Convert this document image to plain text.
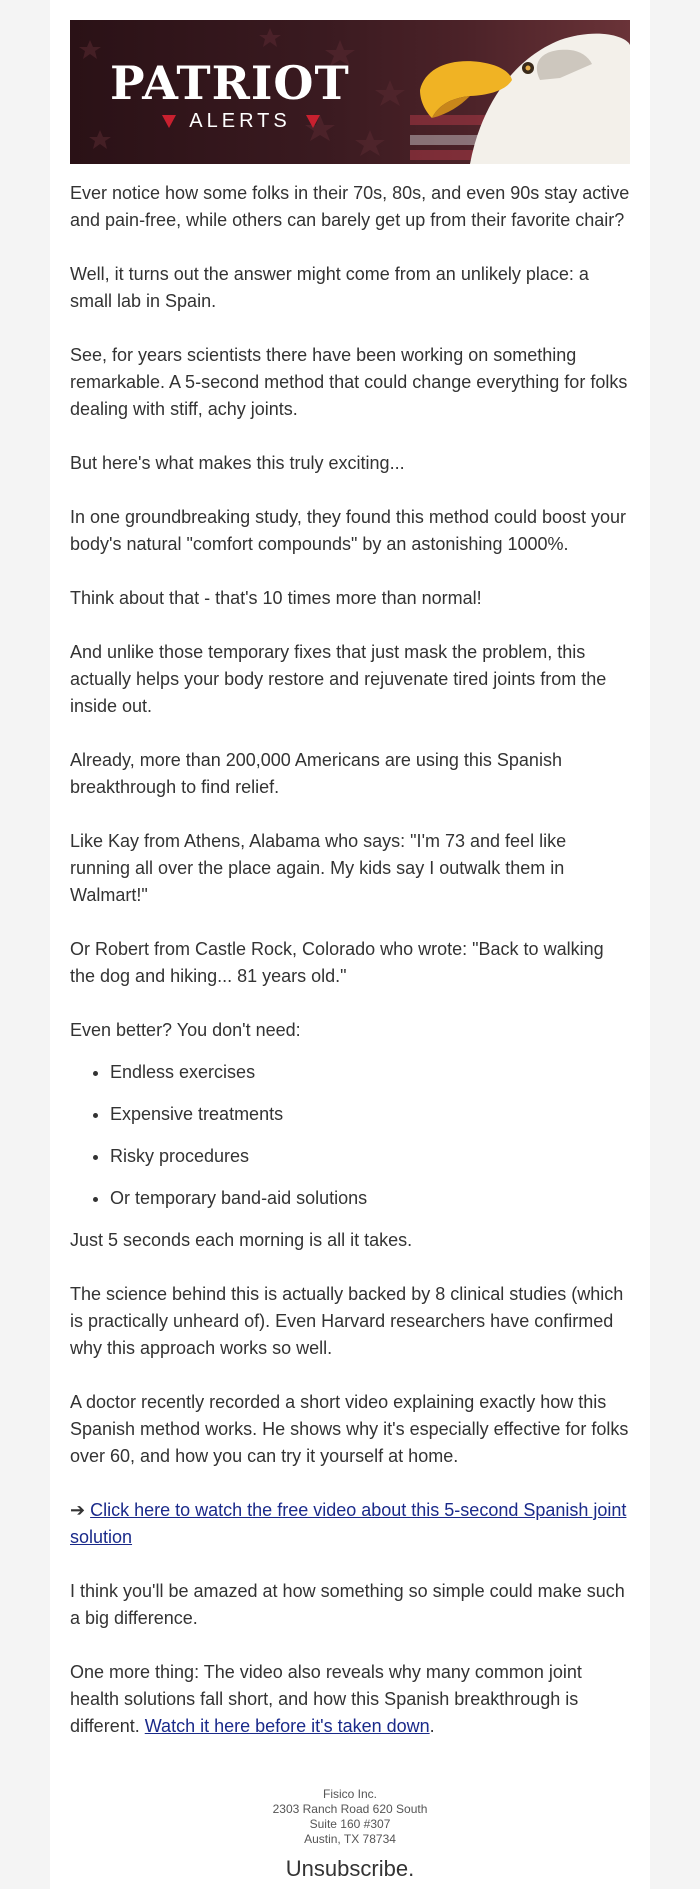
PATRIOT
ALERTS

Ever notice how some folks in their 70s, 80s, and even 90s stay active and pain-free, while others can barely get up from their favorite chair?

Well, it turns out the answer might come from an unlikely place: a small lab in Spain.

See, for years scientists there have been working on something remarkable. A 5-second method that could change everything for folks dealing with stiff, achy joints.

But here's what makes this truly exciting...

In one groundbreaking study, they found this method could boost your body's natural "comfort compounds" by an astonishing 1000%.

Think about that - that's 10 times more than normal!

And unlike those temporary fixes that just mask the problem, this actually helps your body restore and rejuvenate tired joints from the inside out.

Already, more than 200,000 Americans are using this Spanish breakthrough to find relief.

Like Kay from Athens, Alabama who says: "I'm 73 and feel like running all over the place again. My kids say I outwalk them in Walmart!"

Or Robert from Castle Rock, Colorado who wrote: "Back to walking the dog and hiking... 81 years old."

Even better? You don't need:

• Endless exercises
• Expensive treatments
• Risky procedures
• Or temporary band-aid solutions

Just 5 seconds each morning is all it takes.

The science behind this is actually backed by 8 clinical studies (which is practically unheard of). Even Harvard researchers have confirmed why this approach works so well.

A doctor recently recorded a short video explaining exactly how this Spanish method works. He shows why it's especially effective for folks over 60, and how you can try it yourself at home.

➔ Click here to watch the free video about this 5-second Spanish joint solution

I think you'll be amazed at how something so simple could make such a big difference.

One more thing: The video also reveals why many common joint health solutions fall short, and how this Spanish breakthrough is different. Watch it here before it's taken down.

Fisico Inc.
2303 Ranch Road 620 South
Suite 160 #307
Austin, TX 78734
Unsubscribe.
